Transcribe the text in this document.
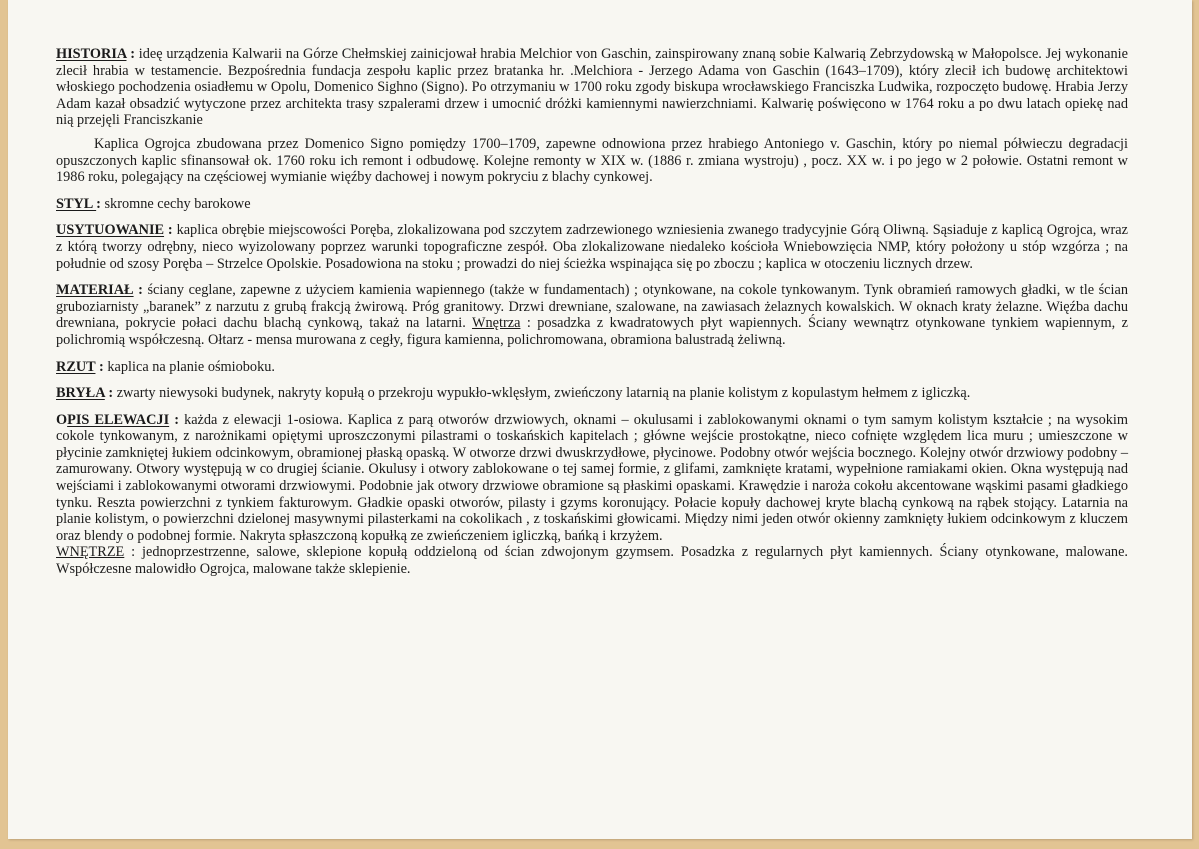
HISTORIA : ideę urządzenia Kalwarii na Górze Chełmskiej zainicjował hrabia Melchior von Gaschin, zainspirowany znaną sobie Kalwarią Zebrzydowską w Małopolsce. Jej wykonanie zlecił hrabia w testamencie. Bezpośrednia fundacja zespołu kaplic przez bratanka hr. .Melchiora - Jerzego Adama von Gaschin (1643–1709), który zlecił ich budowę architektowi włoskiego pochodzenia osiadłemu w Opolu, Domenico Sighno (Signo). Po otrzymaniu w 1700 roku zgody biskupa wrocławskiego Franciszka Ludwika, rozpoczęto budowę. Hrabia Jerzy Adam kazał obsadzić wytyczone przez architekta trasy szpalerami drzew i umocnić dróżki kamiennymi nawierzchniami. Kalwarię poświęcono w 1764 roku a po dwu latach opiekę nad nią przejęli Franciszkanie

Kaplica Ogrojca zbudowana przez Domenico Signo pomiędzy 1700–1709, zapewne odnowiona przez hrabiego Antoniego v. Gaschin, który po niemal półwieczu degradacji opuszczonych kaplic sfinansował ok. 1760 roku ich remont i odbudowę. Kolejne remonty w XIX w. (1886 r. zmiana wystroju) , pocz. XX w. i po jego w 2 połowie. Ostatni remont w 1986 roku, polegający na częściowej wymianie więźby dachowej i nowym pokryciu z blachy cynkowej.

STYL : skromne cechy barokowe

USYTUOWANIE : kaplica obrębie miejscowości Poręba, zlokalizowana pod szczytem zadrzewionego wzniesienia zwanego tradycyjnie Górą Oliwną. Sąsiaduje z kaplicą Ogrojca, wraz z którą tworzy odrębny, nieco wyizolowany poprzez warunki topograficzne zespół. Oba zlokalizowane niedaleko kościoła Wniebowzięcia NMP, który położony u stóp wzgórza ; na południe od szosy Poręba – Strzelce Opolskie. Posadowiona na stoku ; prowadzi do niej ścieżka wspinająca się po zboczu ; kaplica w otoczeniu licznych drzew.

MATERIAŁ : ściany ceglane, zapewne z użyciem kamienia wapiennego (także w fundamentach) ; otynkowane, na cokole tynkowanym. Tynk obramień ramowych gładki, w tle ścian gruboziarnisty „baranek” z narzutu z grubą frakcją żwirową. Próg granitowy. Drzwi drewniane, szalowane, na zawiasach żelaznych kowalskich. W oknach kraty żelazne. Więźba dachu drewniana, pokrycie połaci dachu blachą cynkową, takaż na latarni. Wnętrza : posadzka z kwadratowych płyt wapiennych. Ściany wewnątrz otynkowane tynkiem wapiennym, z polichromią współczesną. Ołtarz - mensa murowana z cegły, figura kamienna, polichromowana, obramiona balustradą żeliwną.

RZUT : kaplica na planie ośmioboku.

BRYŁA : zwarty niewysoki budynek, nakryty kopułą o przekroju wypukło-wklęsłym, zwieńczony latarnią na planie kolistym z kopulastym hełmem z igliczką.

OPIS ELEWACJI : każda z elewacji 1-osiowa. Kaplica z parą otworów drzwiowych, oknami – okulusami i zablokowanymi oknami o tym samym kolistym kształcie ; na wysokim cokole tynkowanym, z narożnikami opiętymi uproszczonymi pilastrami o toskańskich kapitelach ; główne wejście prostokątne, nieco cofnięte względem lica muru ; umieszczone w płycinie zamkniętej łukiem odcinkowym, obramionej płaską opaską. W otworze drzwi dwuskrzydłowe, płycinowe. Podobny otwór wejścia bocznego. Kolejny otwór drzwiowy podobny – zamurowany. Otwory występują w co drugiej ścianie. Okulusy i otwory zablokowane o tej samej formie, z glifami, zamknięte kratami, wypełnione ramiakami okien. Okna występują nad wejściami i zablokowanymi otworami drzwiowymi. Podobnie jak otwory drzwiowe obramione są płaskimi opaskami. Krawędzie i naroża cokołu akcentowane wąskimi pasami gładkiego tynku. Reszta powierzchni z tynkiem fakturowym. Gładkie opaski otworów, pilasty i gzyms koronujący. Połacie kopuły dachowej kryte blachą cynkową na rąbek stojący. Latarnia na planie kolistym, o powierzchni dzielonej masywnymi pilasterkami na cokolikach , z toskańskimi głowicami. Między nimi jeden otwór okienny zamknięty łukiem odcinkowym z kluczem oraz blendy o podobnej formie. Nakryta spłaszczoną kopułką ze zwieńczeniem igliczką, bańką i krzyżem.

WNĘTRZE : jednoprzestrzenne, salowe, sklepione kopułą oddzieloną od ścian zdwojonym gzymsem. Posadzka z regularnych płyt kamiennych. Ściany otynkowane, malowane. Współczesne malowidło Ogrojca, malowane także sklepienie.
